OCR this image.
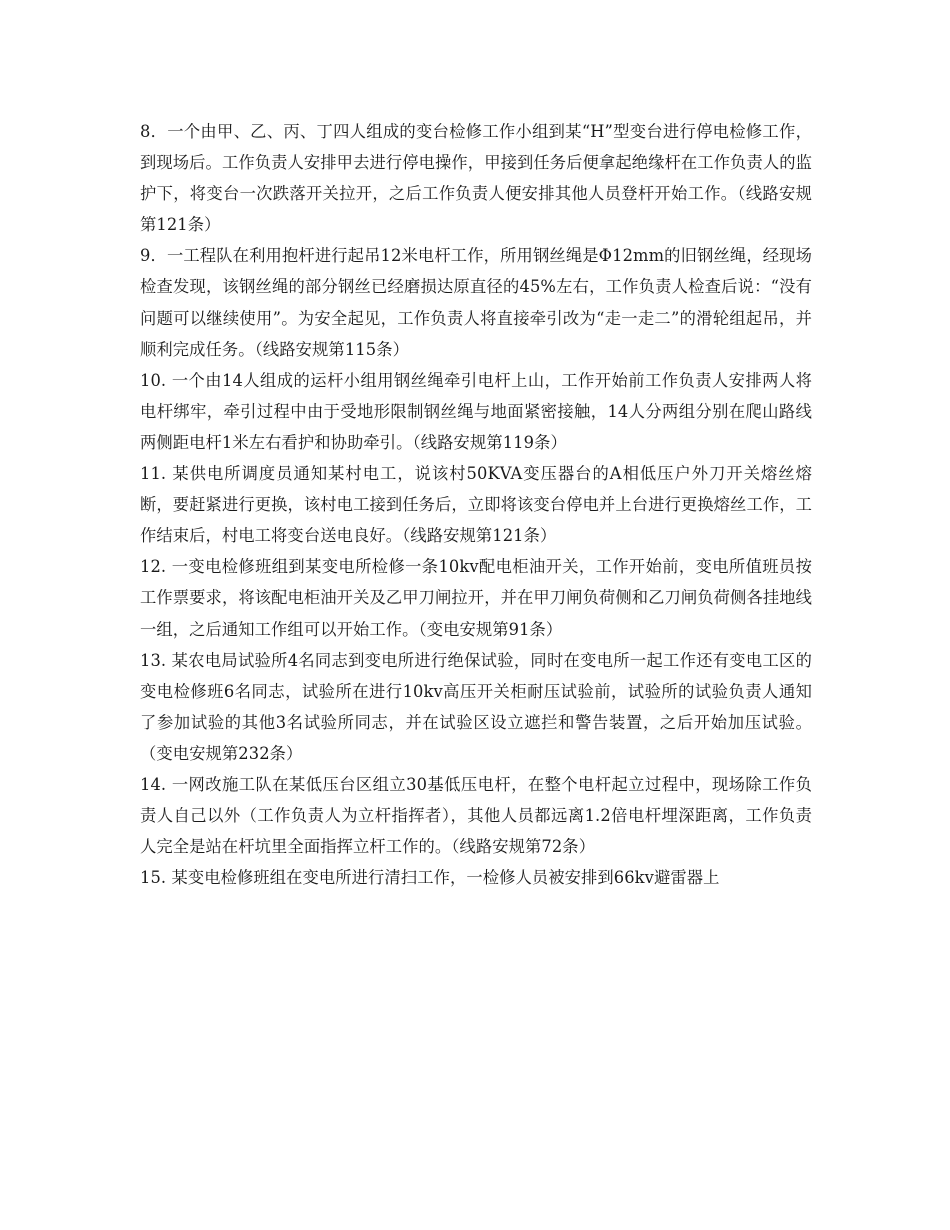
8．一个由甲、乙、丙、丁四人组成的变台检修工作小组到某“H”型变台进行停电检修工作，到现场后。工作负责人安排甲去进行停电操作，甲接到任务后便拿起绝缘杆在工作负责人的监护下，将变台一次跌落开关拉开，之后工作负责人便安排其他人员登杆开始工作。（线路安规第121条）

9．一工程队在利用抱杆进行起吊12米电杆工作，所用钢丝绳是Φ12mm的旧钢丝绳，经现场检查发现，该钢丝绳的部分钢丝已经磨损达原直径的45%左右，工作负责人检查后说：“没有问题可以继续使用”。为安全起见，工作负责人将直接牵引改为“走一走二”的滑轮组起吊，并顺利完成任务。（线路安规第115条）

10. 一个由14人组成的运杆小组用钢丝绳牵引电杆上山，工作开始前工作负责人安排两人将电杆绑牢，牵引过程中由于受地形限制钢丝绳与地面紧密接触，14人分两组分别在爬山路线两侧距电杆1米左右看护和协助牵引。（线路安规第119条）

11. 某供电所调度员通知某村电工，说该村50KVA变压器台的A相低压户外刀开关熔丝熔断，要赶紧进行更换，该村电工接到任务后，立即将该变台停电并上台进行更换熔丝工作，工作结束后，村电工将变台送电良好。（线路安规第121条）

12. 一变电检修班组到某变电所检修一条10kv配电柜油开关，工作开始前，变电所值班员按工作票要求，将该配电柜油开关及乙甲刀闸拉开，并在甲刀闸负荷侧和乙刀闸负荷侧各挂地线一组，之后通知工作组可以开始工作。（变电安规第91条）

13. 某农电局试验所4名同志到变电所进行绝保试验，同时在变电所一起工作还有变电工区的变电检修班6名同志，试验所在进行10kv高压开关柜耐压试验前，试验所的试验负责人通知了参加试验的其他3名试验所同志，并在试验区设立遮拦和警告装置，之后开始加压试验。（变电安规第232条）

14. 一网改施工队在某低压台区组立30基低压电杆，在整个电杆起立过程中，现场除工作负责人自己以外（工作负责人为立杆指挥者），其他人员都远离1.2倍电杆埋深距离，工作负责人完全是站在杆坑里全面指挥立杆工作的。（线路安规第72条）

15. 某变电检修班组在变电所进行清扫工作，一检修人员被安排到66kv避雷器上
